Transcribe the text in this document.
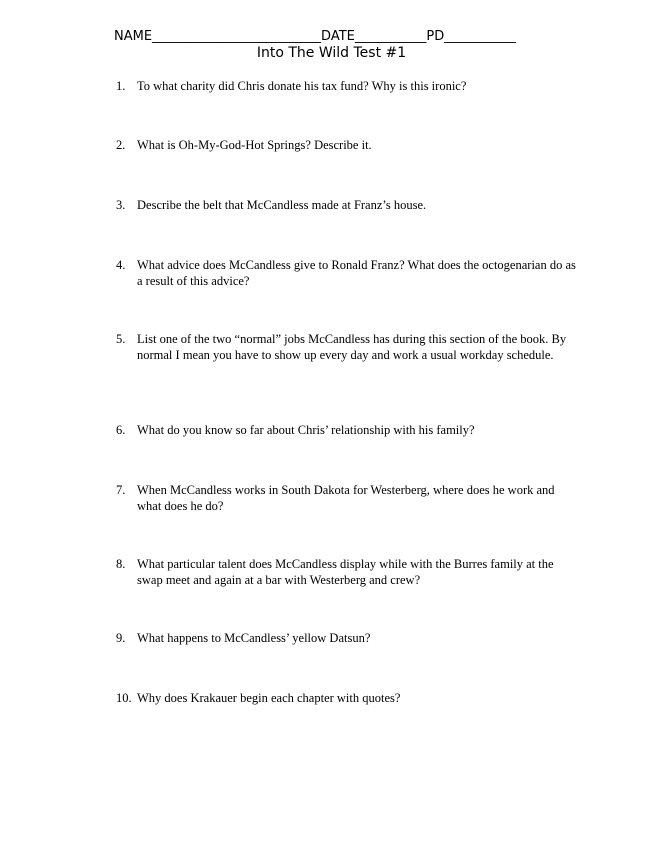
NAME__________________________DATE___________PD___________
Into The Wild Test #1
1. To what charity did Chris donate his tax fund? Why is this ironic?
2. What is Oh-My-God-Hot Springs? Describe it.
3. Describe the belt that McCandless made at Franz’s house.
4. What advice does McCandless give to Ronald Franz? What does the octogenarian do as a result of this advice?
5. List one of the two “normal” jobs McCandless has during this section of the book. By normal I mean you have to show up every day and work a usual workday schedule.
6. What do you know so far about Chris’ relationship with his family?
7. When McCandless works in South Dakota for Westerberg, where does he work and what does he do?
8. What particular talent does McCandless display while with the Burres family at the swap meet and again at a bar with Westerberg and crew?
9. What happens to McCandless’ yellow Datsun?
10. Why does Krakauer begin each chapter with quotes?
